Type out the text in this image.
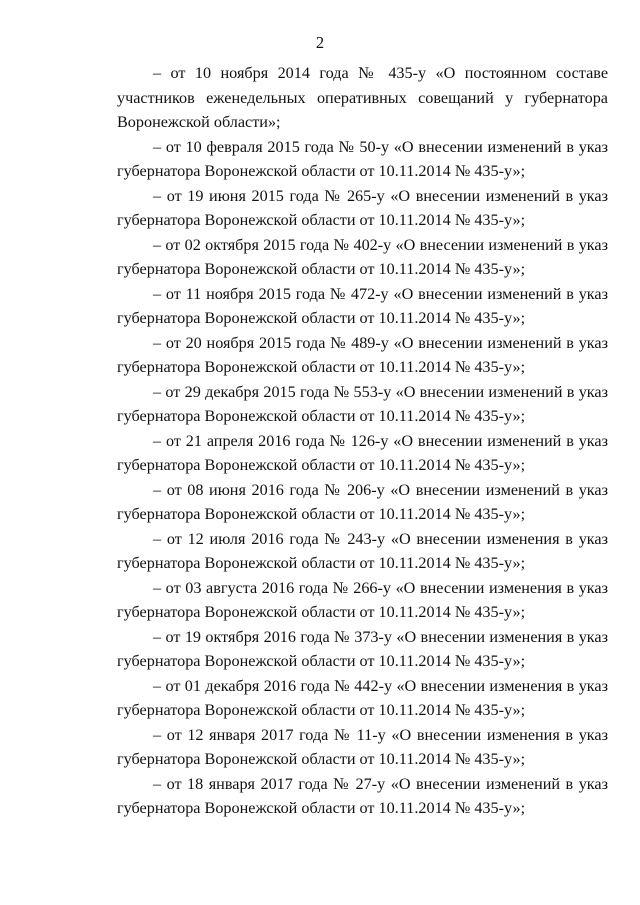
2

– от 10 ноября 2014 года № 435-у «О постоянном составе участников еженедельных оперативных совещаний у губернатора Воронежской области»;

– от 10 февраля 2015 года № 50-у «О внесении изменений в указ губернатора Воронежской области от 10.11.2014 № 435-у»;

– от 19 июня 2015 года № 265-у «О внесении изменений в указ губернатора Воронежской области от 10.11.2014 № 435-у»;

– от 02 октября 2015 года № 402-у «О внесении изменений в указ губернатора Воронежской области от 10.11.2014 № 435-у»;

– от 11 ноября 2015 года № 472-у «О внесении изменений в указ губернатора Воронежской области от 10.11.2014 № 435-у»;

– от 20 ноября 2015 года № 489-у «О внесении изменений в указ губернатора Воронежской области от 10.11.2014 № 435-у»;

– от 29 декабря 2015 года № 553-у «О внесении изменений в указ губернатора Воронежской области от 10.11.2014 № 435-у»;

– от 21 апреля 2016 года № 126-у «О внесении изменений в указ губернатора Воронежской области от 10.11.2014 № 435-у»;

– от 08 июня 2016 года № 206-у «О внесении изменений в указ губернатора Воронежской области от 10.11.2014 № 435-у»;

– от 12 июля 2016 года № 243-у «О внесении изменения в указ губернатора Воронежской области от 10.11.2014 № 435-у»;

– от 03 августа 2016 года № 266-у «О внесении изменения в указ губернатора Воронежской области от 10.11.2014 № 435-у»;

– от 19 октября 2016 года № 373-у «О внесении изменения в указ губернатора Воронежской области от 10.11.2014 № 435-у»;

– от 01 декабря 2016 года № 442-у «О внесении изменения в указ губернатора Воронежской области от 10.11.2014 № 435-у»;

– от 12 января 2017 года № 11-у «О внесении изменения в указ губернатора Воронежской области от 10.11.2014 № 435-у»;

– от 18 января 2017 года № 27-у «О внесении изменений в указ губернатора Воронежской области от 10.11.2014 № 435-у»;
